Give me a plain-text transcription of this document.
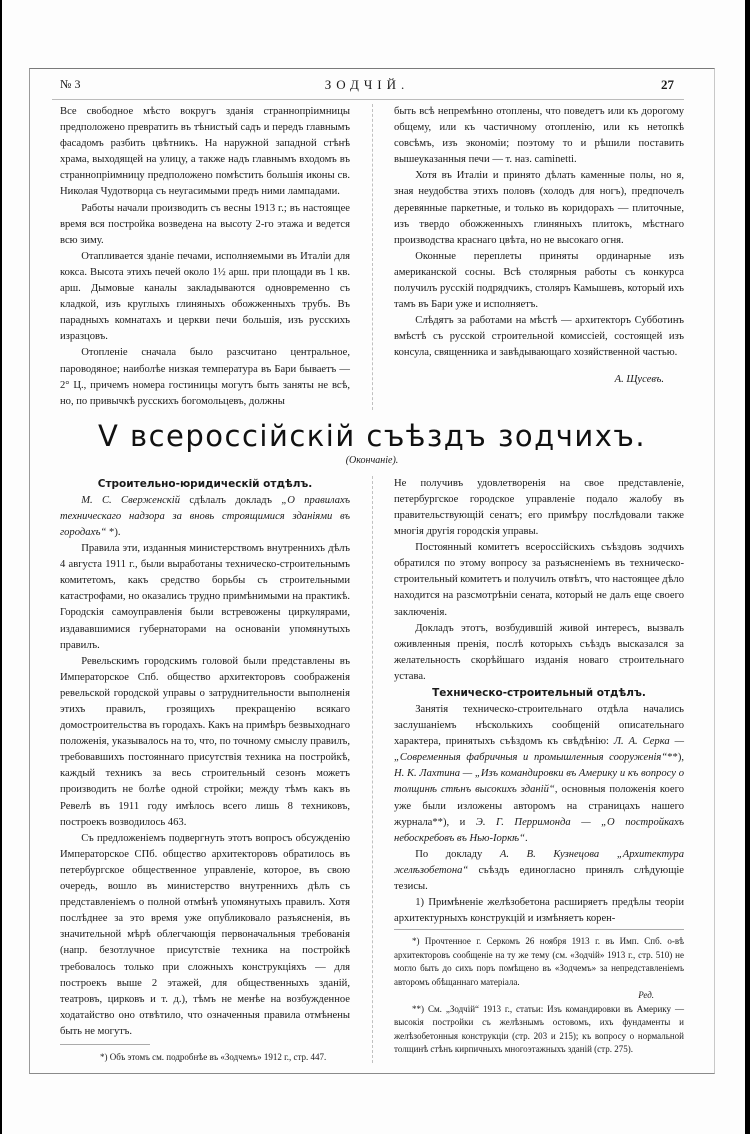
№ 3	ЗОДЧІЙ.	27

Все свободное мѣсто вокругъ зданія страннопріимницы предположено превратить въ тѣнистый садъ и передъ главнымъ фасадомъ разбить цвѣтникъ. На наружной западной стѣнѣ храма, выходящей на улицу, а также надъ главнымъ входомъ въ страннопріимницу предположено помѣстить большія иконы св. Николая Чудотворца съ неугасимыми предъ ними лампадами.

Работы начали производить съ весны 1913 г.; въ настоящее время вся постройка возведена на высоту 2-го этажа и ведется всю зиму.

Отапливается зданіе печами, исполняемыми въ Италіи для кокса. Высота этихъ печей около 1½ арш. при площади въ 1 кв. арш. Дымовые каналы закладываются одновременно съ кладкой, изъ круглыхъ глиняныхъ обожженныхъ трубъ. Въ парадныхъ комнатахъ и церкви печи большія, изъ русскихъ изразцовъ.

Отопленіе сначала было разсчитано центральное, пароводяное; наиболѣе низкая температура въ Бари бываетъ —2° Ц., причемъ номера гостиницы могутъ быть заняты не всѣ, но, по привычкѣ русскихъ богомольцевъ, должны

быть всѣ непремѣнно отоплены, что поведетъ или къ дорогому общему, или къ частичному отопленію, или къ нетопкѣ совсѣмъ, изъ экономіи; поэтому то и рѣшили поставить вышеуказанныя печи — т. наз. caminetti.

Хотя въ Италіи и принято дѣлать каменные полы, но я, зная неудобства этихъ половъ (холодъ для ногъ), предпочелъ деревянные паркетные, и только въ коридорахъ — плиточные, изъ твердо обожженныхъ глиняныхъ плитокъ, мѣстнаго производства краснаго цвѣта, но не высокаго огня.

Оконные переплеты приняты ординарные изъ американской сосны. Всѣ столярныя работы съ конкурса получилъ русскій подрядчикъ, столяръ Камышевъ, который ихъ тамъ въ Бари уже и исполняетъ.

Слѣдятъ за работами на мѣстѣ — архитекторъ Субботинъ вмѣстѣ съ русской строительной комиссіей, состоящей изъ консула, священника и завѣдывающаго хозяйственной частью.

А. Щусевъ.
V всероссійскій съѣздъ зодчихъ.
(Окончаніе).

Строительно-юридическій отдѣлъ.

М. С. Сверженскій сдѣлалъ докладъ „О правилахъ техническаго надзора за вновь строящимися зданіями въ городахъ“ *).

Правила эти, изданныя министерствомъ внутреннихъ дѣлъ 4 августа 1911 г., были выработаны техническо-строительнымъ комитетомъ, какъ средство борьбы съ строительными катастрофами, но оказались трудно примѣнимыми на практикѣ. Городскія самоуправленія были встревожены циркулярами, издававшимися губернаторами на основаніи упомянутыхъ правилъ.

Ревельскимъ городскимъ головой были представлены въ Императорское Спб. общество архитекторовъ соображенія ревельской городской управы о затруднительности выполненія этихъ правилъ, грозящихъ прекращенію всякаго домостроительства въ городахъ. Какъ на примѣръ безвыходнаго положенія, указывалось на то, что, по точному смыслу правилъ, требовавшихъ постояннаго присутствія техника на постройкѣ, каждый техникъ за весь строительный сезонъ можетъ производить не болѣе одной стройки; между тѣмъ какъ въ Ревелѣ въ 1911 году имѣлось всего лишь 8 техниковъ, построекъ возводилось 463.

Съ предложеніемъ подвергнуть этотъ вопросъ обсужденію Императорское СПб. общество архитекторовъ обратилось въ петербургское общественное управленіе, которое, въ свою очередь, вошло въ министерство внутреннихъ дѣлъ съ представленіемъ о полной отмѣнѣ упомянутыхъ правилъ. Хотя послѣднее за это время уже опубликовало разъясненія, въ значительной мѣрѣ облегчающія первоначальныя требованія (напр. безотлучное присутствіе техника на постройкѣ требовалось только при сложныхъ конструкціяхъ — для построекъ выше 2 этажей, для общественныхъ зданій, театровъ, цирковъ и т. д.), тѣмъ не менѣе на возбужденное ходатайство оно отвѣтило, что означенныя правила отмѣнены быть не могутъ.

*) Объ этомъ см. подробнѣе въ «Зодчемъ» 1912 г., стр. 447.

Не получивъ удовлетворенія на свое представленіе, петербургское городское управленіе подало жалобу въ правительствующій сенатъ; его примѣру послѣдовали также многія другія городскія управы.

Постоянный комитетъ всероссійскихъ съѣздовъ зодчихъ обратился по этому вопросу за разъясненіемъ въ техническо-строительный комитетъ и получилъ отвѣтъ, что настоящее дѣло находится на разсмотрѣніи сената, который не далъ еще своего заключенія.

Докладъ этотъ, возбудившій живой интересъ, вызвалъ оживленныя пренія, послѣ которыхъ съѣздъ высказался за желательность скорѣйшаго изданія новаго строительнаго устава.

Техническо-строительный отдѣлъ.

Занятія техническо-строительнаго отдѣла начались заслушаніемъ нѣсколькихъ сообщеній описательнаго характера, принятыхъ съѣздомъ къ свѣдѣнію: Л. А. Серка — „Современныя фабричныя и промышленныя сооруженія“**), Н. К. Лахтина — „Изъ командировки въ Америку и къ вопросу о толщинѣ стѣнъ высокихъ зданій“, основныя положенія коего уже были изложены авторомъ на страницахъ нашего журнала**), и Э. Г. Перримонда — „О постройкахъ небоскребовъ въ Нью-Іоркѣ“.

По докладу А. В. Кузнецова „Архитектура желѣзобетона“ съѣздъ единогласно принялъ слѣдующіе тезисы.

1) Примѣненіе желѣзобетона расширяетъ предѣлы теоріи архитектурныхъ конструкцій и измѣняетъ корен-

*) Прочтенное г. Серкомъ 26 ноября 1913 г. въ Имп. Спб. о-вѣ архитекторовъ сообщеніе на ту же тему (см. «Зодчій» 1913 г., стр. 510) не могло быть до сихъ поръ помѣщено въ «Зодчемъ» за непредставленіемъ авторомъ обѣщаннаго матеріала.
Ред.

**) См. „Зодчій“ 1913 г., статьи: Изъ командировки въ Америку — высокія постройки съ желѣзнымъ остовомъ, ихъ фундаменты и желѣзобетонныя конструкціи (стр. 203 и 215); къ вопросу о нормальной толщинѣ стѣнъ кирпичныхъ многоэтажныхъ зданій (стр. 275).
